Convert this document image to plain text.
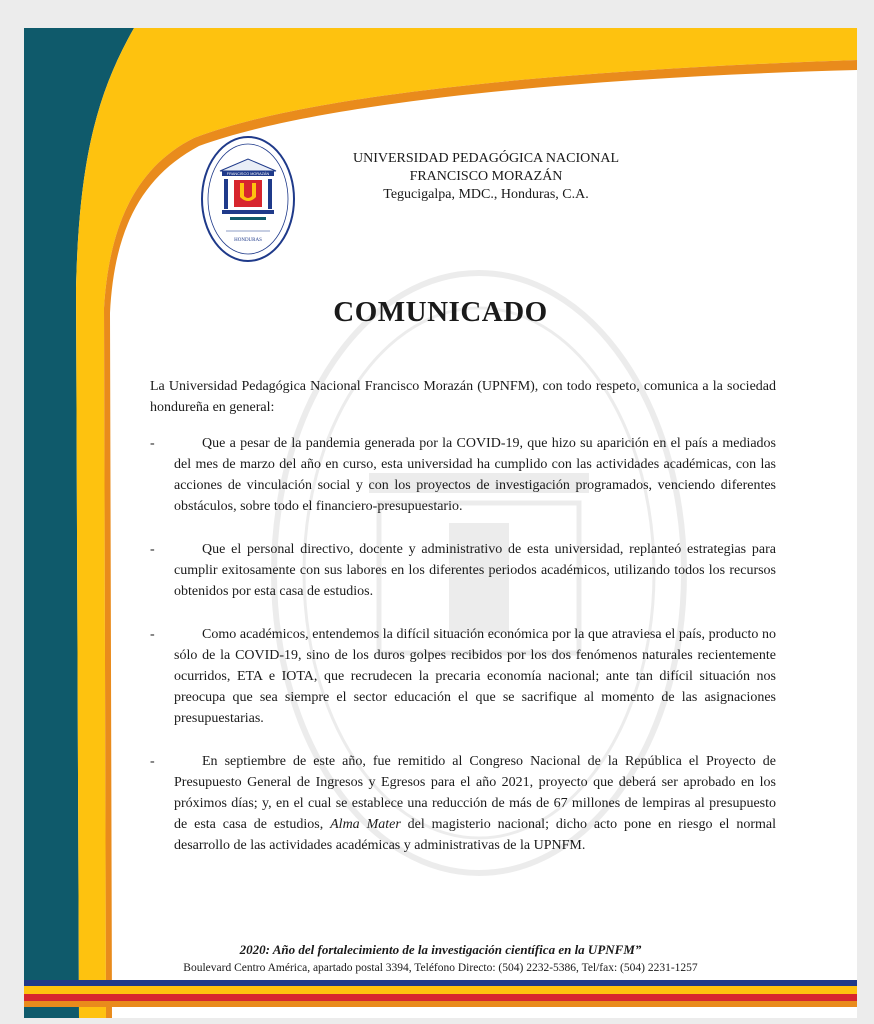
FRANCISCO MORAZÁN
HONDURAS
UNIVERSIDAD PEDAGÓGICA NACIONAL
FRANCISCO MORAZÁN
Tegucigalpa, MDC., Honduras, C.A.
COMUNICADO

La Universidad Pedagógica Nacional Francisco Morazán (UPNFM), con todo respeto, comunica a la sociedad hondureña en general:

-	Que a pesar de la pandemia generada por la COVID-19, que hizo su aparición en el país a mediados del mes de marzo del año en curso, esta universidad ha cumplido con las actividades académicas, con las acciones de vinculación social y con los proyectos de investigación programados, venciendo diferentes obstáculos, sobre todo el financiero-presupuestario.
-	Que el personal directivo, docente y administrativo de esta universidad, replanteó estrategias para cumplir exitosamente con sus labores en los diferentes periodos académicos, utilizando todos los recursos obtenidos por esta casa de estudios.
-	Como académicos, entendemos la difícil situación económica por la que atraviesa el país, producto no sólo de la COVID-19, sino de los duros golpes recibidos por los dos fenómenos naturales recientemente ocurridos, ETA e IOTA, que recrudecen la precaria economía nacional; ante tan difícil situación nos preocupa que sea siempre el sector educación el que se sacrifique al momento de las asignaciones presupuestarias.
-	En septiembre de este año, fue remitido al Congreso Nacional de la República el Proyecto de Presupuesto General de Ingresos y Egresos para el año 2021, proyecto que deberá ser aprobado en los próximos días; y, en el cual se establece una reducción de más de 67 millones de lempiras al presupuesto de esta casa de estudios, Alma Mater del magisterio nacional; dicho acto pone en riesgo el normal desarrollo de las actividades académicas y administrativas de la UPNFM.
2020: Año del fortalecimiento de la investigación científica en la UPNFM”
Boulevard Centro América, apartado postal 3394, Teléfono Directo: (504) 2232-5386, Tel/fax: (504) 2231-1257
